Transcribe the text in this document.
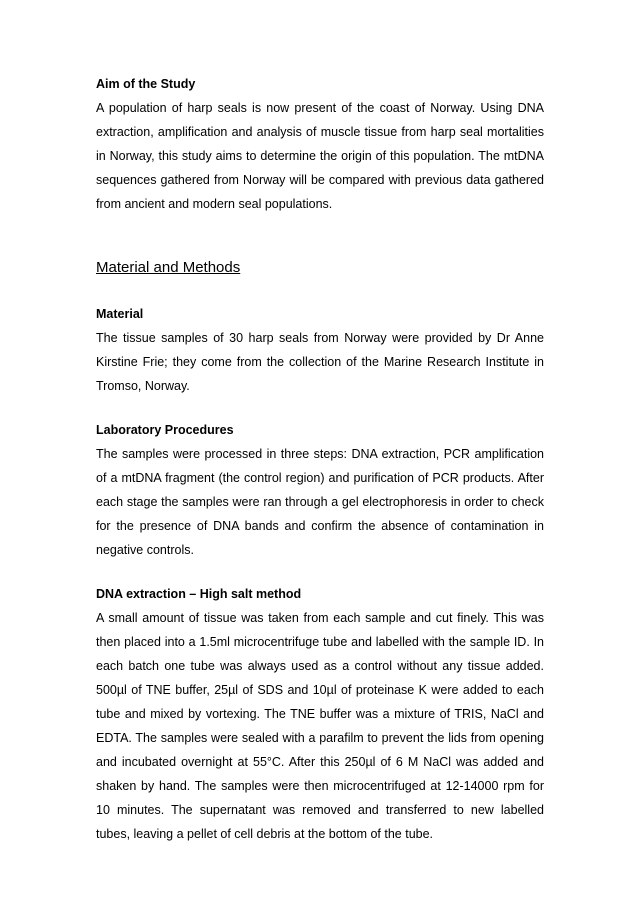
Aim of the Study

A population of harp seals is now present of the coast of Norway. Using DNA extraction, amplification and analysis of muscle tissue from harp seal mortalities in Norway, this study aims to determine the origin of this population. The mtDNA sequences gathered from Norway will be compared with previous data gathered from ancient and modern seal populations.

Material and Methods

Material

The tissue samples of 30 harp seals from Norway were provided by Dr Anne Kirstine Frie; they come from the collection of the Marine Research Institute in Tromso, Norway.

Laboratory Procedures

The samples were processed in three steps: DNA extraction, PCR amplification of a mtDNA fragment (the control region) and purification of PCR products. After each stage the samples were ran through a gel electrophoresis in order to check for the presence of DNA bands and confirm the absence of contamination in negative controls.

DNA extraction – High salt method

A small amount of tissue was taken from each sample and cut finely. This was then placed into a 1.5ml microcentrifuge tube and labelled with the sample ID. In each batch one tube was always used as a control without any tissue added. 500µl of TNE buffer, 25µl of SDS and 10µl of proteinase K were added to each tube and mixed by vortexing. The TNE buffer was a mixture of TRIS, NaCl and EDTA. The samples were sealed with a parafilm to prevent the lids from opening and incubated overnight at 55°C. After this 250µl of 6 M NaCl was added and shaken by hand. The samples were then microcentrifuged at 12-14000 rpm for 10 minutes. The supernatant was removed and transferred to new labelled tubes, leaving a pellet of cell debris at the bottom of the tube.
